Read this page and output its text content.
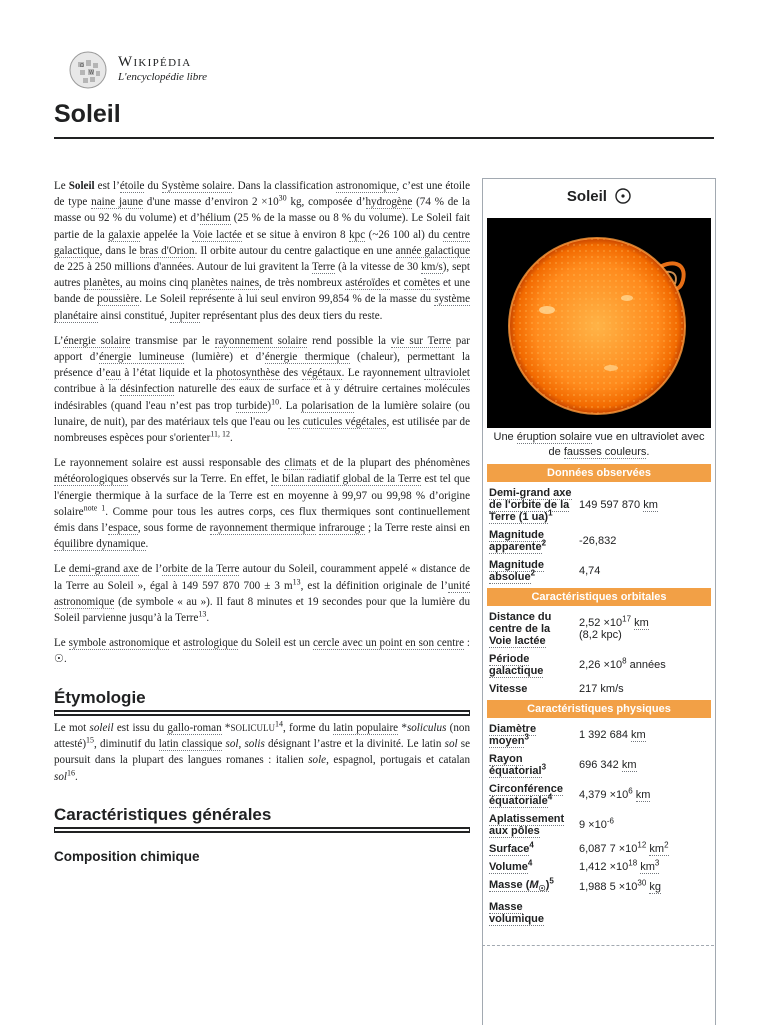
Ω
W
Wikipédia
L'encyclopédie libre
Soleil

Le Soleil est l’étoile du Système solaire. Dans la classification astronomique, c’est une étoile de type naine jaune d'une masse d’environ $2 \times 10^{30}$ kg, composée d’hydrogène (74 % de la masse ou 92 % du volume) et d’hélium (25 % de la masse ou 8 % du volume). Le Soleil fait partie de la galaxie appelée la Voie lactée et se situe à environ 8 kpc (~26 100 al) du centre galactique, dans le bras d'Orion. Il orbite autour du centre galactique en une année galactique de 225 à 250 millions d'années. Autour de lui gravitent la Terre (à la vitesse de 30 km/s), sept autres planètes, au moins cinq planètes naines, de très nombreux astéroïdes et comètes et une bande de poussière. Le Soleil représente à lui seul environ 99,854 % de la masse du système planétaire ainsi constitué, Jupiter représentant plus des deux tiers du reste.

L’énergie solaire transmise par le rayonnement solaire rend possible la vie sur Terre par apport d’énergie lumineuse (lumière) et d’énergie thermique (chaleur), permettant la présence d’eau à l’état liquide et la photosynthèse des végétaux. Le rayonnement ultraviolet contribue à la désinfection naturelle des eaux de surface et à y détruire certaines molécules indésirables (quand l'eau n’est pas trop turbide)$^{10}$. La polarisation de la lumière solaire (ou lunaire, de nuit), par des matériaux tels que l'eau ou les cuticules végétales, est utilisée par de nombreuses espèces pour s'orienter$^{11, 12}$.

Le rayonnement solaire est aussi responsable des climats et de la plupart des phénomènes météorologiques observés sur la Terre. En effet, le bilan radiatif global de la Terre est tel que l'énergie thermique à la surface de la Terre est en moyenne à 99,97 ou 99,98 % d’origine solaire$^{note 1}$. Comme pour tous les autres corps, ces flux thermiques sont continuellement émis dans l’espace, sous forme de rayonnement thermique infrarouge ; la Terre reste ainsi en équilibre dynamique.

Le demi-grand axe de l’orbite de la Terre autour du Soleil, couramment appelé « distance de la Terre au Soleil », égal à 149 597 870 700 ± 3 $m^{13}$, est la définition originale de l’unité astronomique (de symbole « au »). Il faut 8 minutes et 19 secondes pour que la lumière du Soleil parvienne jusqu’à la Terre$^{13}$.

Le symbole astronomique et astrologique du Soleil est un cercle avec un point en son centre : ☉.

Étymologie

Le mot soleil est issu du gallo-roman *SOLICULU$^{14}$, forme du latin populaire *soliculus (non attesté)$^{15}$, diminutif du latin classique sol, solis désignant l’astre et la divinité. Le latin sol se poursuit dans la plupart des langues romanes : italien sole, espagnol, portugais et catalan sol$^{16}$.

Caractéristiques générales
Composition chimique
Soleil
Une éruption solaire vue en ultraviolet avec de fausses couleurs.
Données observées
Demi-grand axe de l'orbite de la Terre (1 ua)$^1$	149 597 870 km
Magnitude apparente$^2$	-26,832
Magnitude absolue$^2$	4,74
Caractéristiques orbitales
Distance du centre de la Voie lactée	$2,52 \times 10^{17}$ km
(8,2 kpc)
Période galactique	$2,26 \times 10^8$ années
Vitesse	217 km/s
Caractéristiques physiques
Diamètre
moyen$^3$	1 392 684 km
Rayon
équatorial$^3$	696 342 km
Circonférence
équatoriale$^4$	$4,379 \times 10^6$ km
Aplatissement
aux pôles	$9 \times 10^{-6}$
Surface$^4$	6,087 $7 \times 10^{12}$ $km^2$
Volume$^4$	$1,412 \times 10^{18}$ $km^3$
Masse $(M_☉)^5$	1,988 $5 \times 10^{30}$ kg
Masse
volumique	
